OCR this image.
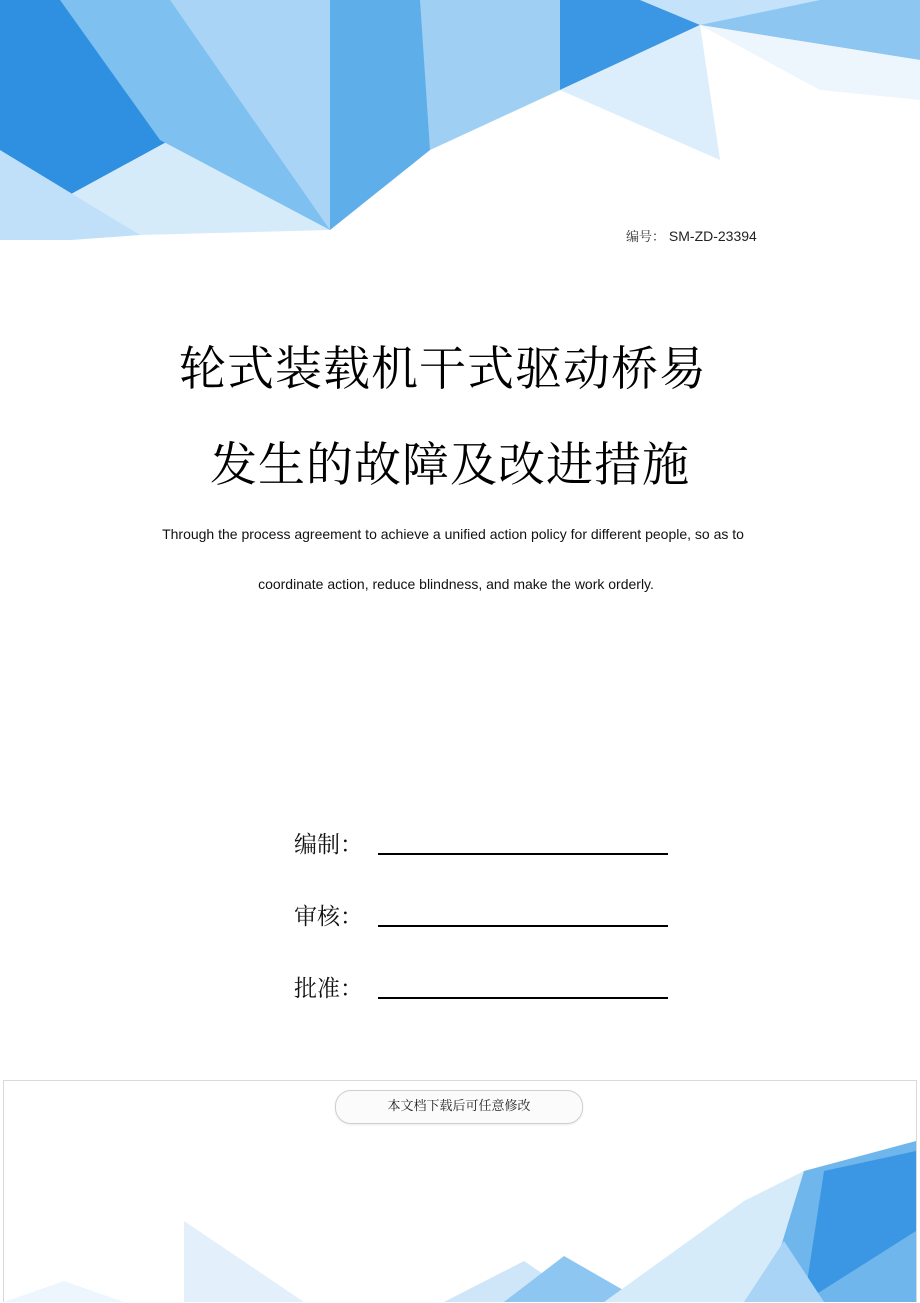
编号： SM-ZD-23394
轮式装载机干式驱动桥易
发生的故障及改进措施
Through the process agreement to achieve a unified action policy for different people, so as to
coordinate action, reduce blindness, and make the work orderly.
编制：
审核：
批准：
本文档下载后可任意修改
